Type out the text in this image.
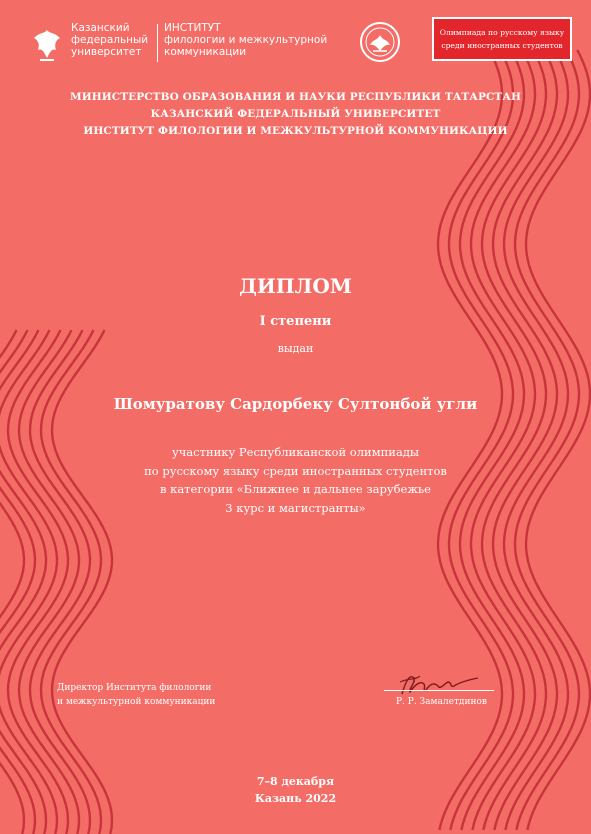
Казанский
федеральный
университет
ИНСТИТУТ
филологии и межкультурной
коммуникации
Олимпиада по русскому языку
среди иностранных студентов
МИНИСТЕРСТВО ОБРАЗОВАНИЯ И НАУКИ РЕСПУБЛИКИ ТАТАРСТАН
КАЗАНСКИЙ ФЕДЕРАЛЬНЫЙ УНИВЕРСИТЕТ
ИНСТИТУТ ФИЛОЛОГИИ И МЕЖКУЛЬТУРНОЙ КОММУНИКАЦИИ
ДИПЛОМ
I степени
выдан
Шомуратову Сардорбеку Султонбой угли
участнику Республиканской олимпиады
по русскому языку среди иностранных студентов
в категории «Ближнее и дальнее зарубежье
3 курс и магистранты»
Директор Института филологии
и межкультурной коммуникации	Р. Р. Замалетдинов
7–8 декабря
Казань 2022
